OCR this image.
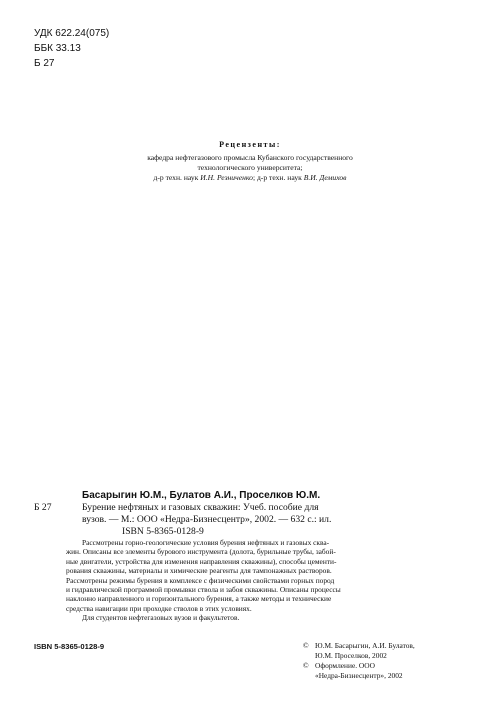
УДК 622.24(075)
ББК 33.13
Б 27
Рецензенты:
кафедра нефтегазового промысла Кубанского государственного
технологического университета;
д-р техн. наук И.Н. Резниченко; д-р техн. наук В.И. Демихов
Басарыгин Ю.М., Булатов А.И., Проселков Ю.М.
Б 27	Бурение нефтяных и газовых скважин: Учеб. пособие для
вузов. — М.: ООО «Недра-Бизнесцентр», 2002. — 632 с.: ил.
ISBN 5-8365-0128-9
Рассмотрены горно-геологические условия бурения нефтяных и газовых сква-
жин. Описаны все элементы бурового инструмента (долота, бурильные трубы, забой-
ные двигатели, устройства для изменения направления скважины), способы цементи-
рования скважины, материалы и химические реагенты для тампонажных растворов.
Рассмотрены режимы бурения в комплексе с физическими свойствами горных пород
и гидравлической программой промывки ствола и забоя скважины. Описаны процессы
наклонно направленного и горизонтального бурения, а также методы и технические
средства навигации при проходке стволов в этих условиях.
Для студентов нефтегазовых вузов и факультетов.
ISBN 5-8365-0128-9	© Ю.М. Басарыгин, А.И. Булатов,
Ю.М. Проселков, 2002
© Оформление. ООО
«Недра-Бизнесцентр», 2002
